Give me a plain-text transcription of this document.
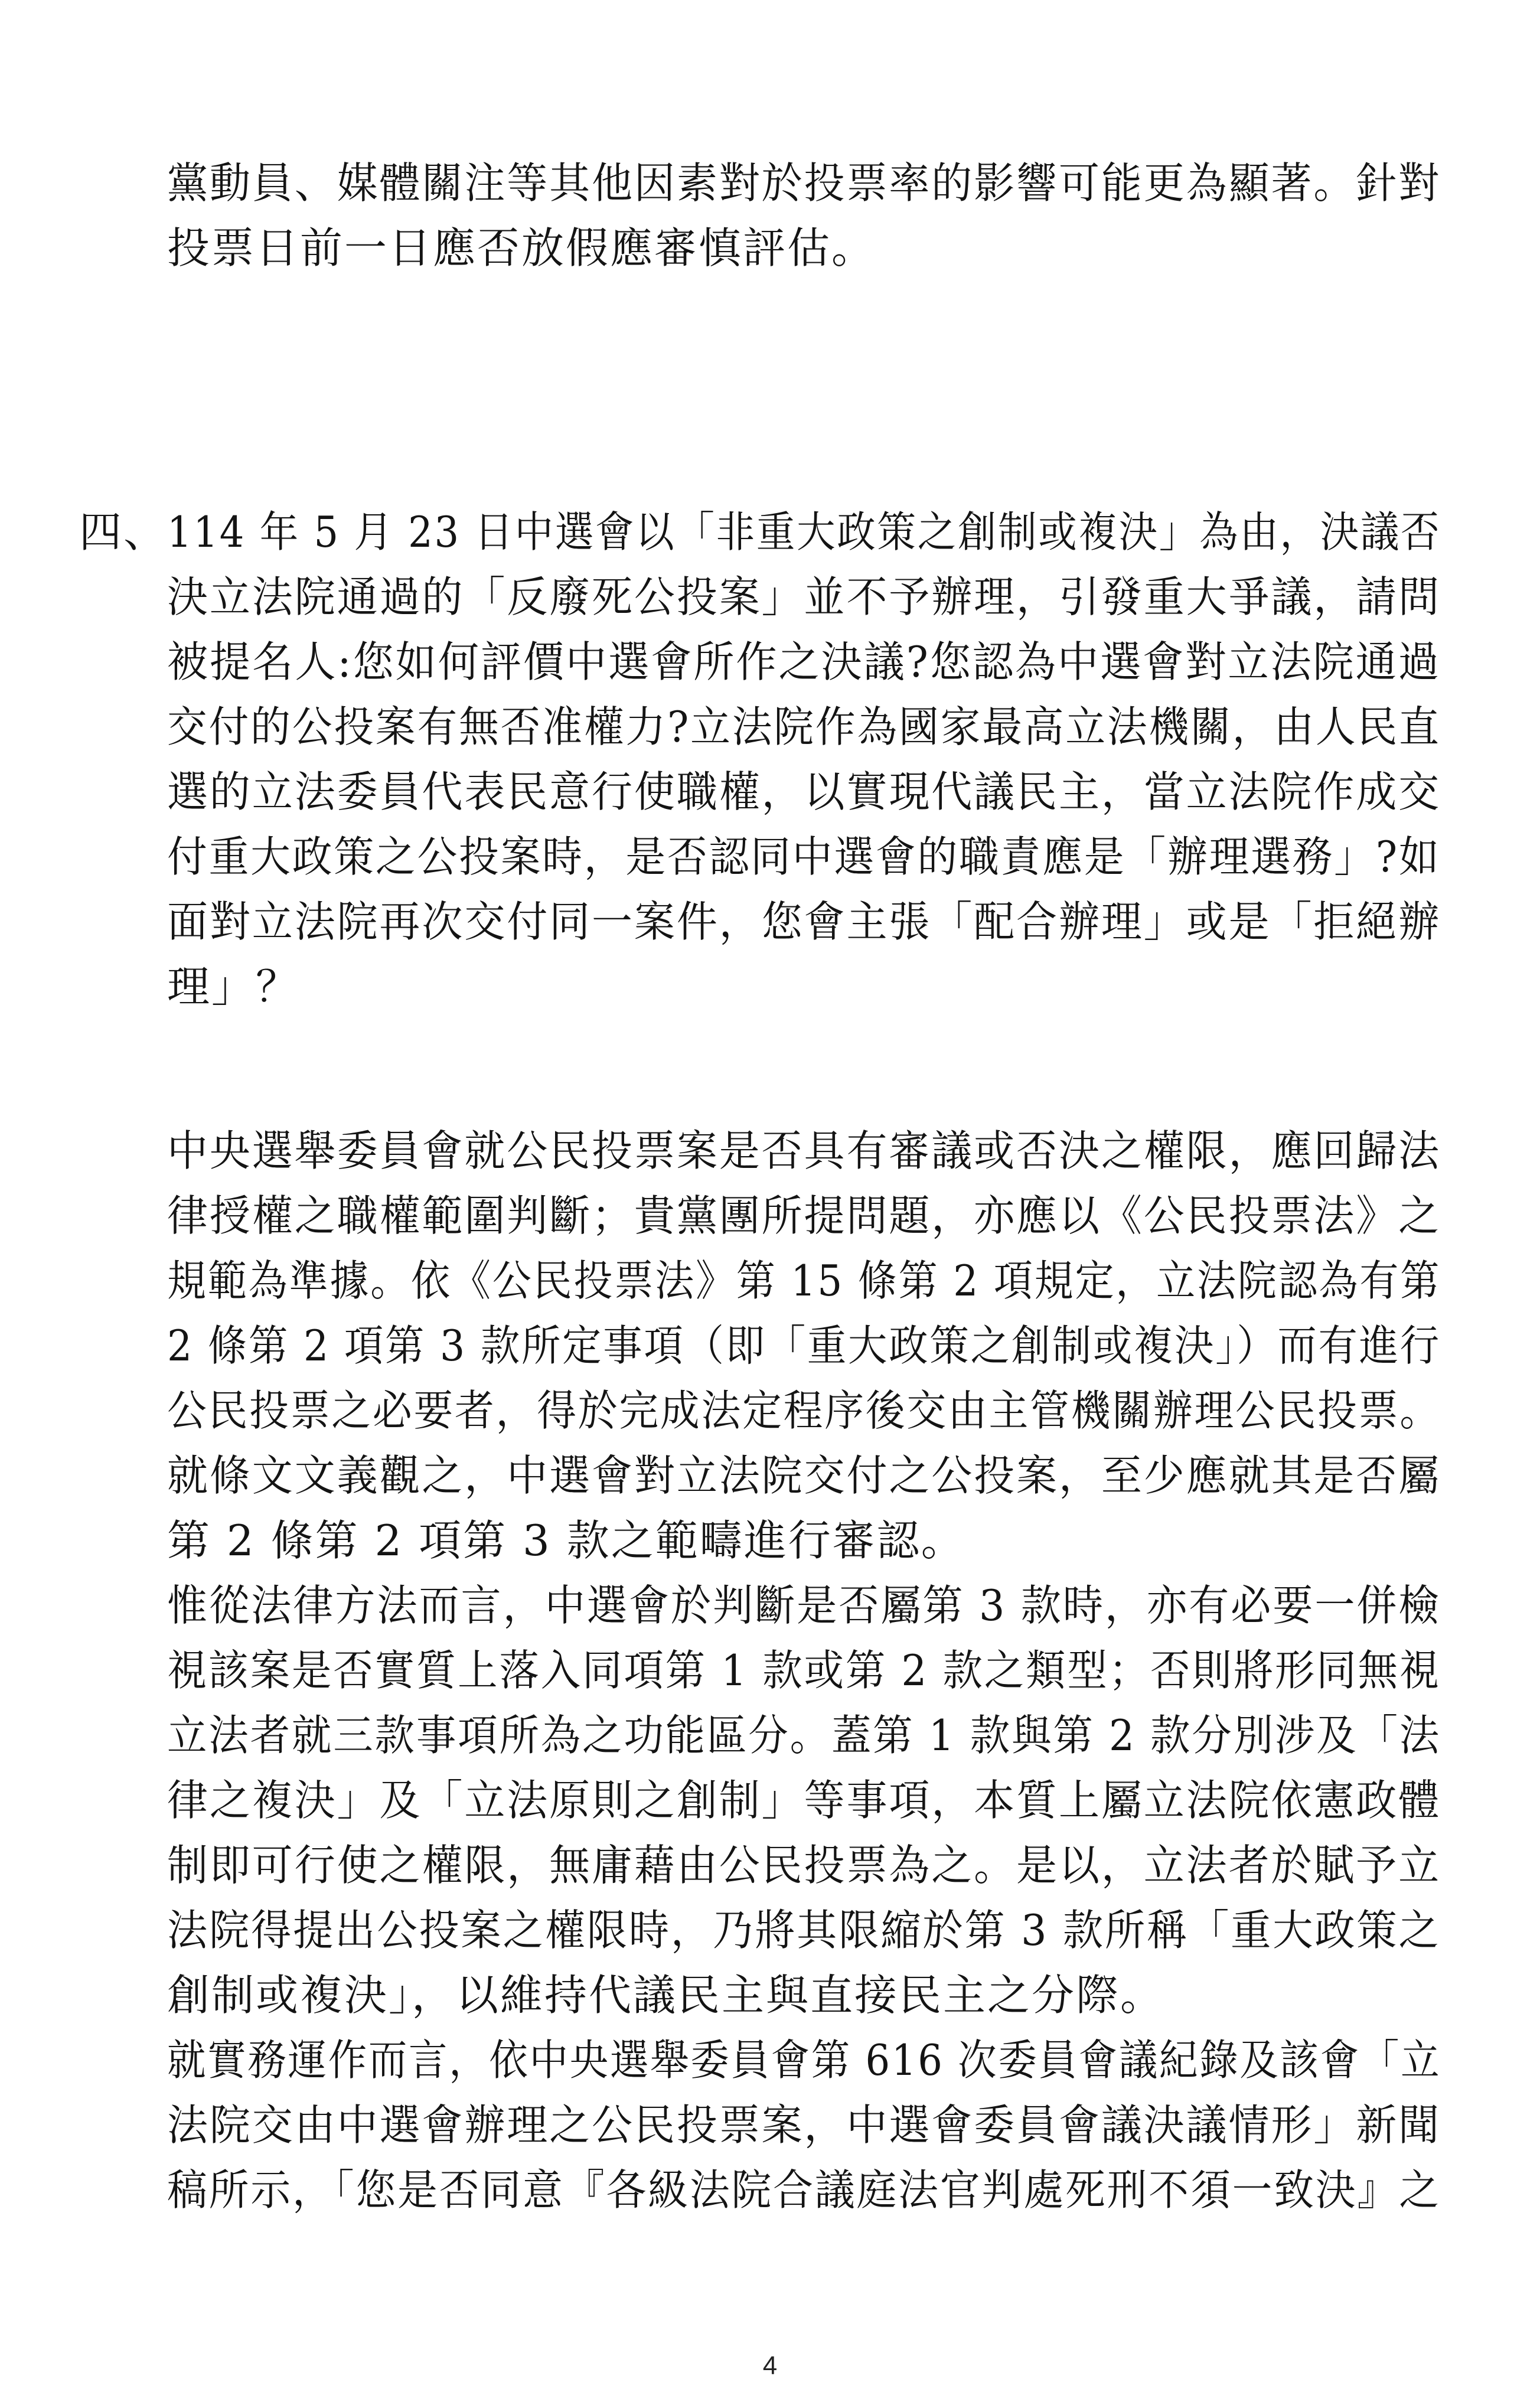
黨動員、媒體關注等其他因素對於投票率的影響可能更為顯著。針對
投票日前一日應否放假應審慎評估。
四、
114 年 5 月 23 日中選會以「非重大政策之創制或複決」為由，決議否
決立法院通過的「反廢死公投案」並不予辦理，引發重大爭議，請問
被提名人:您如何評價中選會所作之決議?您認為中選會對立法院通過
交付的公投案有無否准權力?立法院作為國家最高立法機關，由人民直
選的立法委員代表民意行使職權，以實現代議民主，當立法院作成交
付重大政策之公投案時，是否認同中選會的職責應是「辦理選務」?如
面對立法院再次交付同一案件，您會主張「配合辦理」或是「拒絕辦
理」？
中央選舉委員會就公民投票案是否具有審議或否決之權限，應回歸法
律授權之職權範圍判斷；貴黨團所提問題，亦應以《公民投票法》之
規範為準據。依《公民投票法》第 15 條第 2 項規定，立法院認為有第
2 條第 2 項第 3 款所定事項（即「重大政策之創制或複決」）而有進行
公民投票之必要者，得於完成法定程序後交由主管機關辦理公民投票。
就條文文義觀之，中選會對立法院交付之公投案，至少應就其是否屬
第 2 條第 2 項第 3 款之範疇進行審認。
惟從法律方法而言，中選會於判斷是否屬第 3 款時，亦有必要一併檢
視該案是否實質上落入同項第 1 款或第 2 款之類型；否則將形同無視
立法者就三款事項所為之功能區分。蓋第 1 款與第 2 款分別涉及「法
律之複決」及「立法原則之創制」等事項，本質上屬立法院依憲政體
制即可行使之權限，無庸藉由公民投票為之。是以，立法者於賦予立
法院得提出公投案之權限時，乃將其限縮於第 3 款所稱「重大政策之
創制或複決」，以維持代議民主與直接民主之分際。
就實務運作而言，依中央選舉委員會第 616 次委員會議紀錄及該會「立
法院交由中選會辦理之公民投票案，中選會委員會議決議情形」新聞
稿所示，「您是否同意『各級法院合議庭法官判處死刑不須一致決』之
4
